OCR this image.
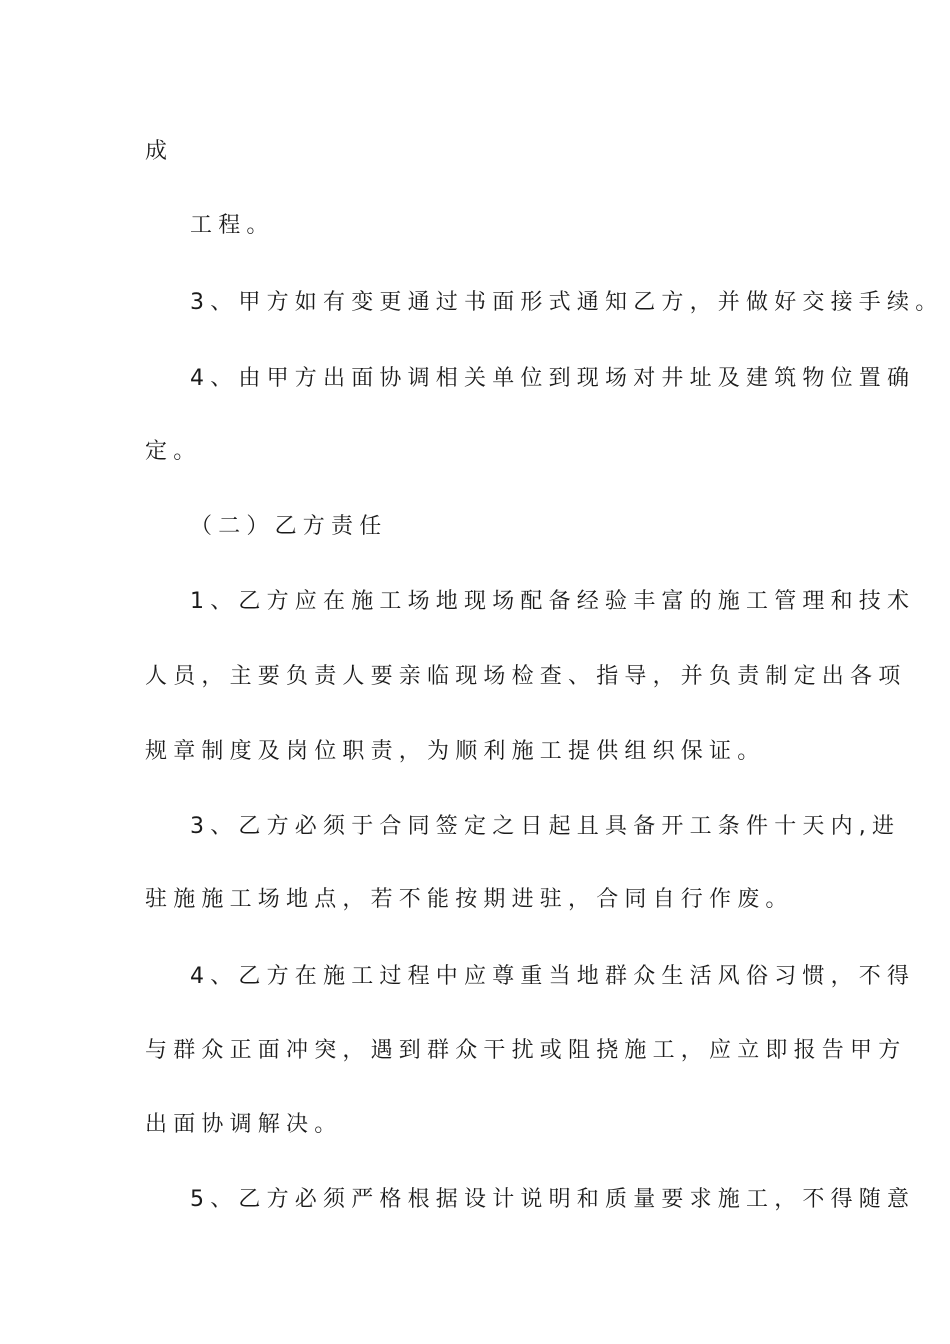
成
工程。
3、甲方如有变更通过书面形式通知乙方，并做好交接手续。
4、由甲方出面协调相关单位到现场对井址及建筑物位置确
定。
（二）乙方责任
1、乙方应在施工场地现场配备经验丰富的施工管理和技术
人员，主要负责人要亲临现场检查、指导，并负责制定出各项
规章制度及岗位职责，为顺利施工提供组织保证。
3、乙方必须于合同签定之日起且具备开工条件十天内,进
驻施施工场地点，若不能按期进驻，合同自行作废。
4、乙方在施工过程中应尊重当地群众生活风俗习惯，不得
与群众正面冲突，遇到群众干扰或阻挠施工，应立即报告甲方
出面协调解决。
5、乙方必须严格根据设计说明和质量要求施工，不得随意
